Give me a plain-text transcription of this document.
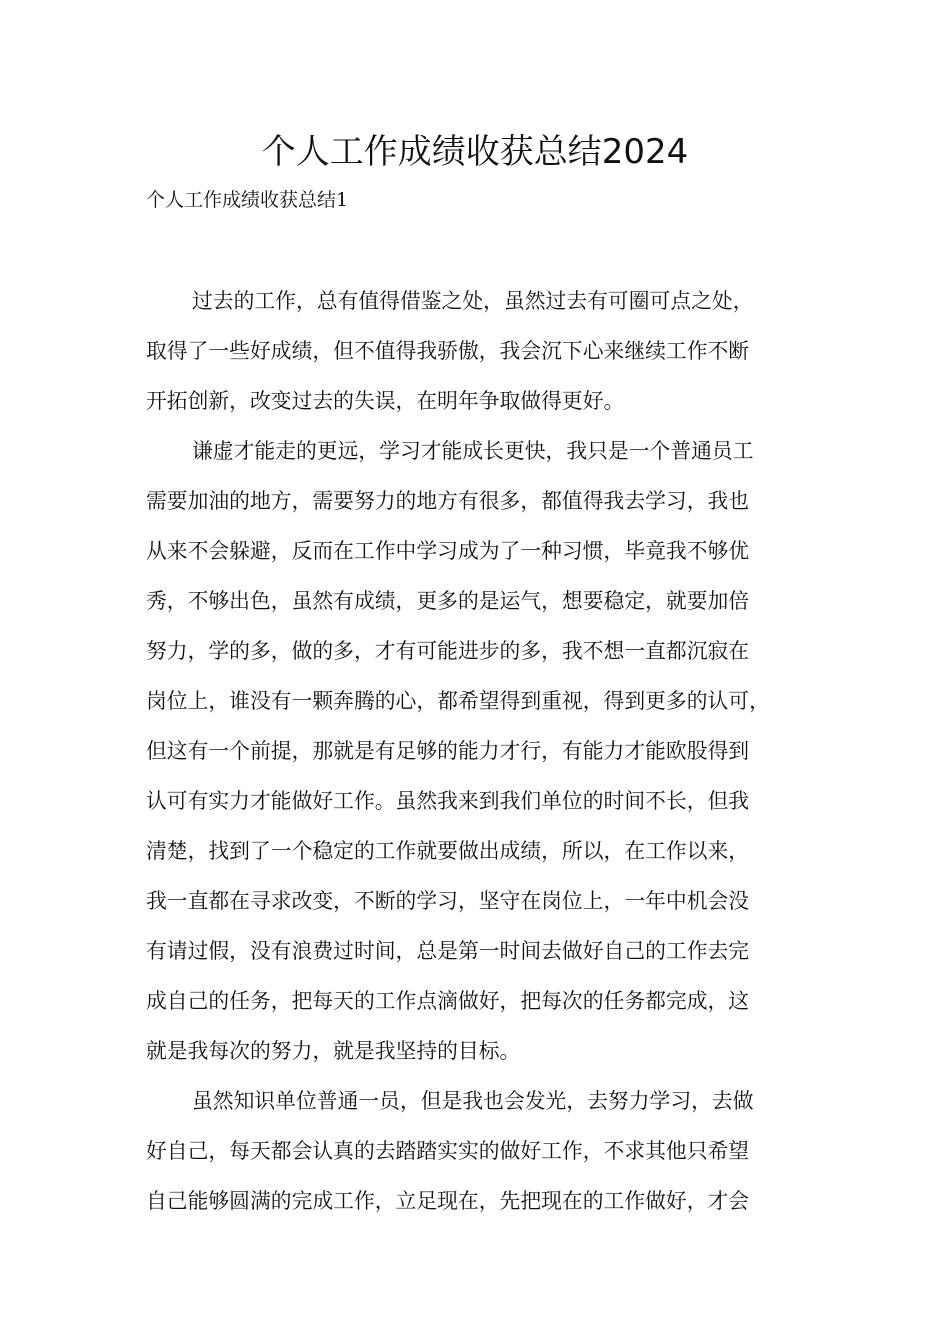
个人工作成绩收获总结2024
个人工作成绩收获总结1
过去的工作，总有值得借鉴之处，虽然过去有可圈可点之处，
取得了一些好成绩，但不值得我骄傲，我会沉下心来继续工作不断
开拓创新，改变过去的失误，在明年争取做得更好。
谦虚才能走的更远，学习才能成长更快，我只是一个普通员工
需要加油的地方，需要努力的地方有很多，都值得我去学习，我也
从来不会躲避，反而在工作中学习成为了一种习惯，毕竟我不够优
秀，不够出色，虽然有成绩，更多的是运气，想要稳定，就要加倍
努力，学的多，做的多，才有可能进步的多，我不想一直都沉寂在
岗位上，谁没有一颗奔腾的心，都希望得到重视，得到更多的认可，
但这有一个前提，那就是有足够的能力才行，有能力才能欧股得到
认可有实力才能做好工作。虽然我来到我们单位的时间不长，但我
清楚，找到了一个稳定的工作就要做出成绩，所以，在工作以来，
我一直都在寻求改变，不断的学习，坚守在岗位上，一年中机会没
有请过假，没有浪费过时间，总是第一时间去做好自己的工作去完
成自己的任务，把每天的工作点滴做好，把每次的任务都完成，这
就是我每次的努力，就是我坚持的目标。
虽然知识单位普通一员，但是我也会发光，去努力学习，去做
好自己，每天都会认真的去踏踏实实的做好工作，不求其他只希望
自己能够圆满的完成工作，立足现在，先把现在的工作做好，才会
